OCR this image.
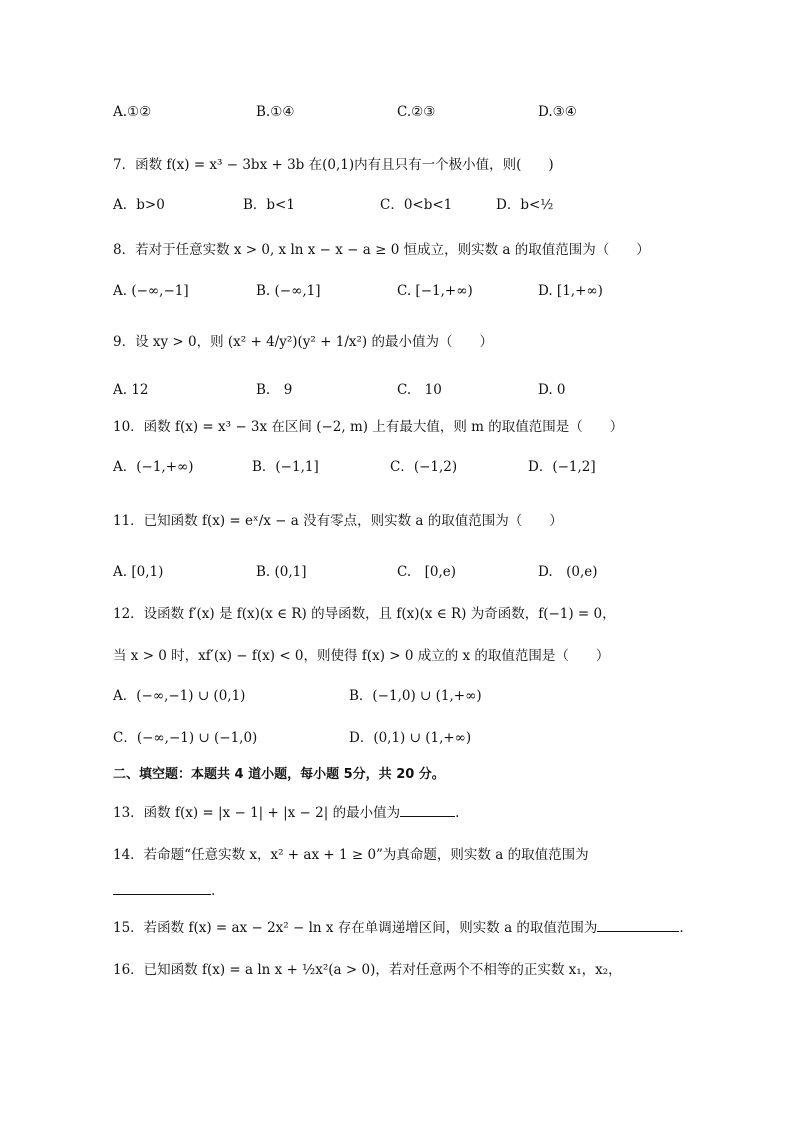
A.①②	B.①④	C.②③	D.③④
7．函数 f(x) = x³ − 3bx + 3b 在(0,1)内有且只有一个极小值，则(　　)
A．b>0	B．b<1	C．0<b<1	D．b<½
8．若对于任意实数 x > 0, x ln x − x − a ≥ 0 恒成立，则实数 a 的取值范围为（　　）
A. (−∞,−1]	B. (−∞,1]	C. [−1,+∞)	D. [1,+∞)
9．设 xy > 0，则 (x² + 4/y²)(y² + 1/x²) 的最小值为（　　）
A. 12	B.　9	C.　10	D. 0
10．函数 f(x) = x³ − 3x 在区间 (−2, m) 上有最大值，则 m 的取值范围是（　　）
A．(−1,+∞)	B．(−1,1]	C．(−1,2)	D．(−1,2]
11．已知函数 f(x) = eˣ/x − a 没有零点，则实数 a 的取值范围为（　　）
A. [0,1)	B. (0,1]	C.　[0,e)	D.　(0,e)
12．设函数 f′(x) 是 f(x)(x ∈ R) 的导函数，且 f(x)(x ∈ R) 为奇函数，f(−1) = 0，
当 x > 0 时，xf′(x) − f(x) < 0，则使得 f(x) > 0 成立的 x 的取值范围是（　　）
A．(−∞,−1) ∪ (0,1)	B．(−1,0) ∪ (1,+∞)
C．(−∞,−1) ∪ (−1,0)	D．(0,1) ∪ (1,+∞)
二、填空题：本题共 4 道小题，每小题 5分，共 20 分。
13．函数 f(x) = |x − 1| + |x − 2| 的最小值为	.
14．若命题“任意实数 x，x² + ax + 1 ≥ 0”为真命题，则实数 a 的取值范围为
.
15．若函数 f(x) = ax − 2x² − ln x 存在单调递增区间，则实数 a 的取值范围为	.
16．已知函数 f(x) = a ln x + ½x²(a > 0)，若对任意两个不相等的正实数 x₁，x₂，
